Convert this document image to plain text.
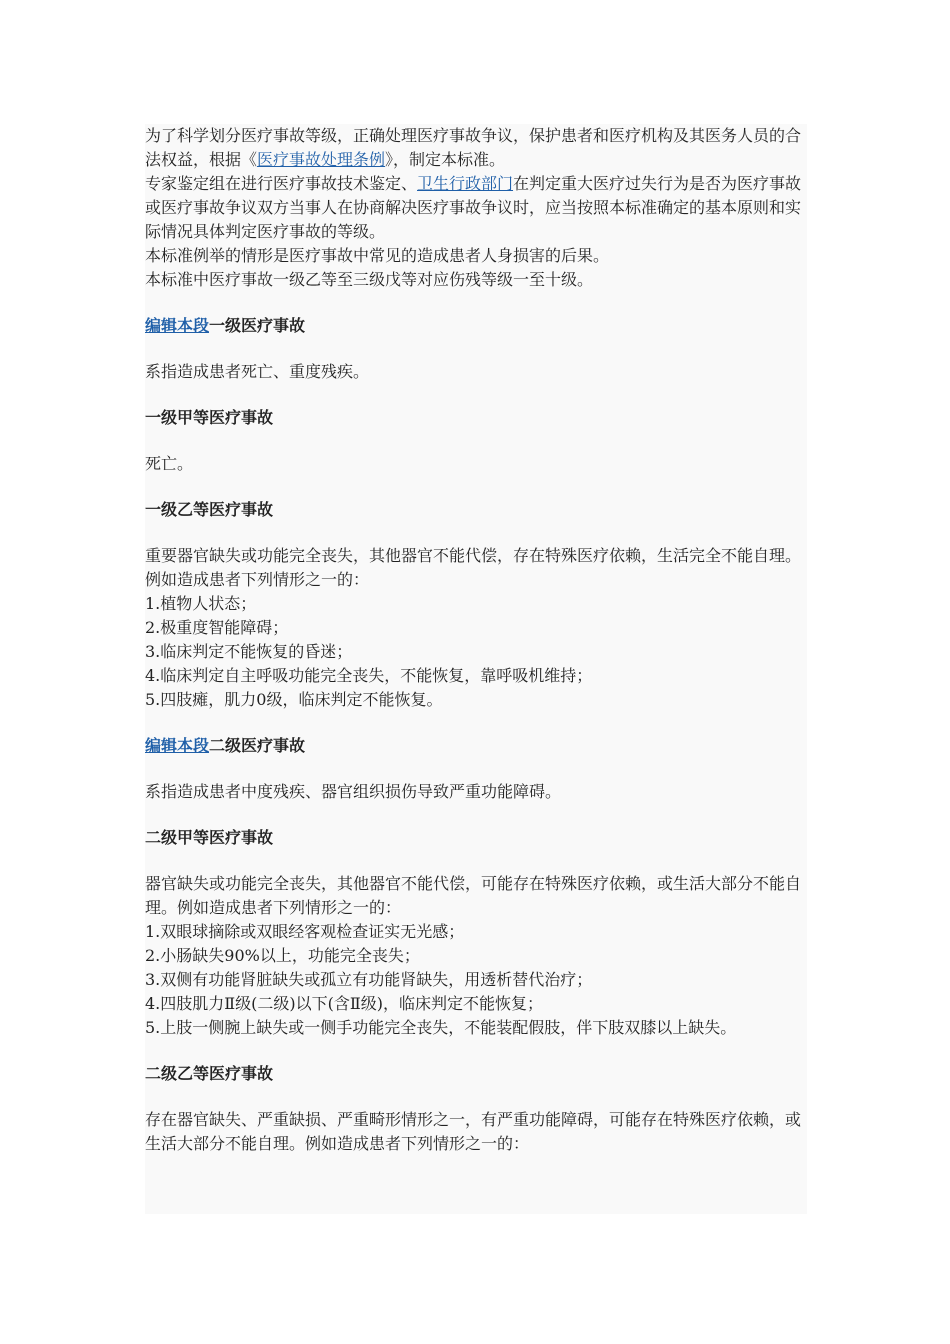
为了科学划分医疗事故等级，正确处理医疗事故争议，保护患者和医疗机构及其医务人员的合法权益，根据《医疗事故处理条例》，制定本标准。

专家鉴定组在进行医疗事故技术鉴定、卫生行政部门在判定重大医疗过失行为是否为医疗事故或医疗事故争议双方当事人在协商解决医疗事故争议时，应当按照本标准确定的基本原则和实际情况具体判定医疗事故的等级。

本标准例举的情形是医疗事故中常见的造成患者人身损害的后果。

本标准中医疗事故一级乙等至三级戊等对应伤残等级一至十级。

编辑本段一级医疗事故

系指造成患者死亡、重度残疾。

一级甲等医疗事故

死亡。

一级乙等医疗事故

重要器官缺失或功能完全丧失，其他器官不能代偿，存在特殊医疗依赖，生活完全不能自理。例如造成患者下列情形之一的：

1.植物人状态；
2.极重度智能障碍；
3.临床判定不能恢复的昏迷；
4.临床判定自主呼吸功能完全丧失，不能恢复，靠呼吸机维持；
5.四肢瘫，肌力0级，临床判定不能恢复。

编辑本段二级医疗事故

系指造成患者中度残疾、器官组织损伤导致严重功能障碍。

二级甲等医疗事故

器官缺失或功能完全丧失，其他器官不能代偿，可能存在特殊医疗依赖，或生活大部分不能自理。例如造成患者下列情形之一的：

1.双眼球摘除或双眼经客观检查证实无光感；
2.小肠缺失90%以上，功能完全丧失；
3.双侧有功能肾脏缺失或孤立有功能肾缺失，用透析替代治疗；
4.四肢肌力Ⅱ级(二级)以下(含Ⅱ级)，临床判定不能恢复；
5.上肢一侧腕上缺失或一侧手功能完全丧失，不能装配假肢，伴下肢双膝以上缺失。

二级乙等医疗事故

存在器官缺失、严重缺损、严重畸形情形之一，有严重功能障碍，可能存在特殊医疗依赖，或生活大部分不能自理。例如造成患者下列情形之一的：
